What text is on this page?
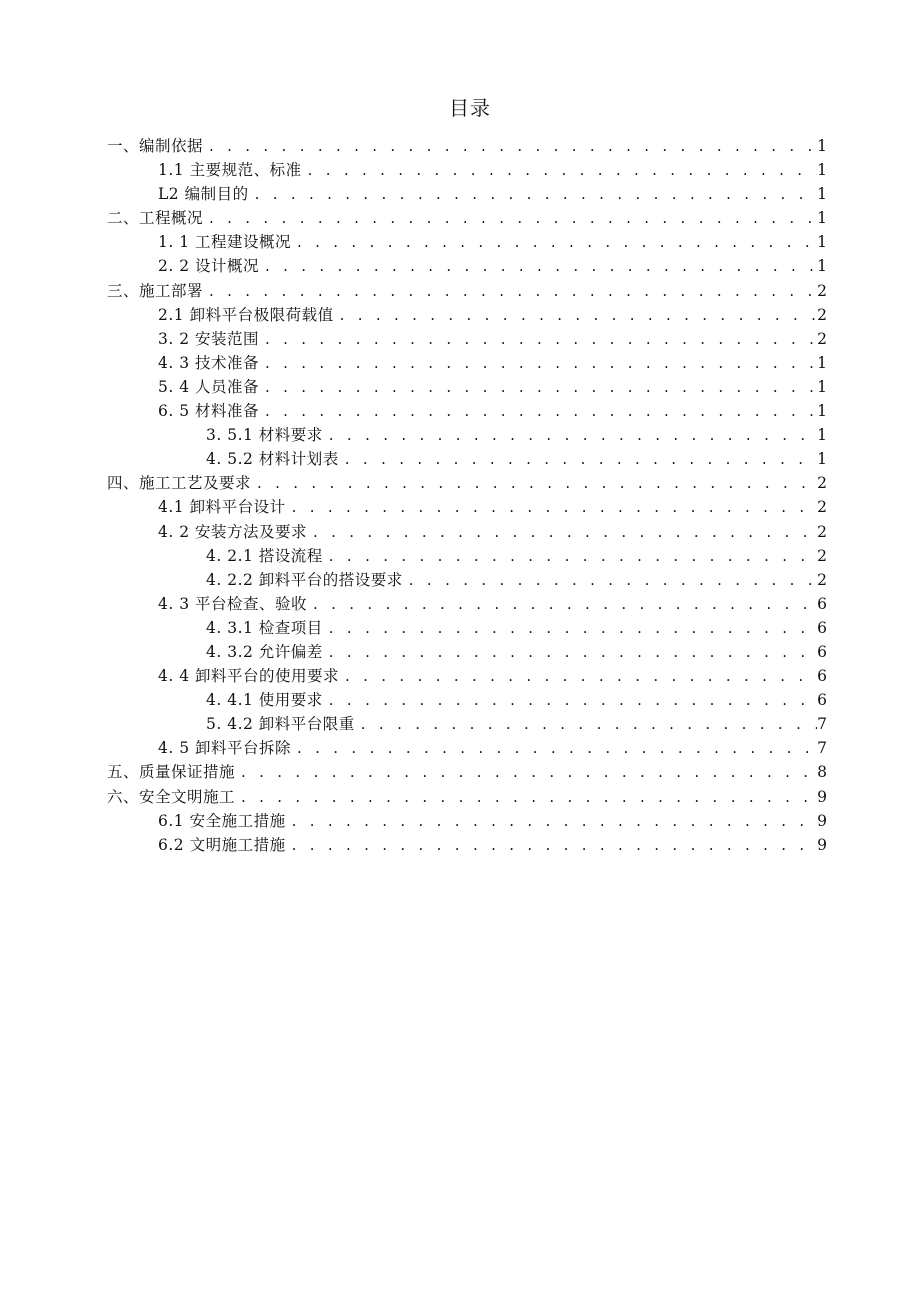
目录
一、编制依据 . . .	1
1.1 主要规范、标准 . . .	1
L2 编制目的 . . .	1
二、工程概况 . . .	1
1. 1 工程建设概况 . . .	1
2. 2 设计概况 . . .	1
三、施工部署 . . .	2
2.1 卸料平台极限荷载值 . . .	2
3. 2 安装范围 . . .	2
4. 3 技术准备 . . .	1
5. 4 人员准备 . . .	1
6. 5 材料准备 . . .	1
3. 5.1 材料要求 . . .	1
4. 5.2 材料计划表 . . .	1
四、施工工艺及要求 . . .	2
4.1 卸料平台设计 . . .	2
4. 2 安装方法及要求 . . .	2
4. 2.1 搭设流程 . . .	2
4. 2.2 卸料平台的搭设要求 . . .	2
4. 3 平台检查、验收 . . .	6
4. 3.1 检查项目 . . .	6
4. 3.2 允许偏差 . . .	6
4. 4 卸料平台的使用要求 . . .	6
4. 4.1 使用要求 . . .	6
5. 4.2 卸料平台限重 . . .	7
4. 5 卸料平台拆除 . . .	7
五、质量保证措施 . . .	8
六、安全文明施工 . . .	9
6.1 安全施工措施 . . .	9
6.2 文明施工措施 . . .	9
